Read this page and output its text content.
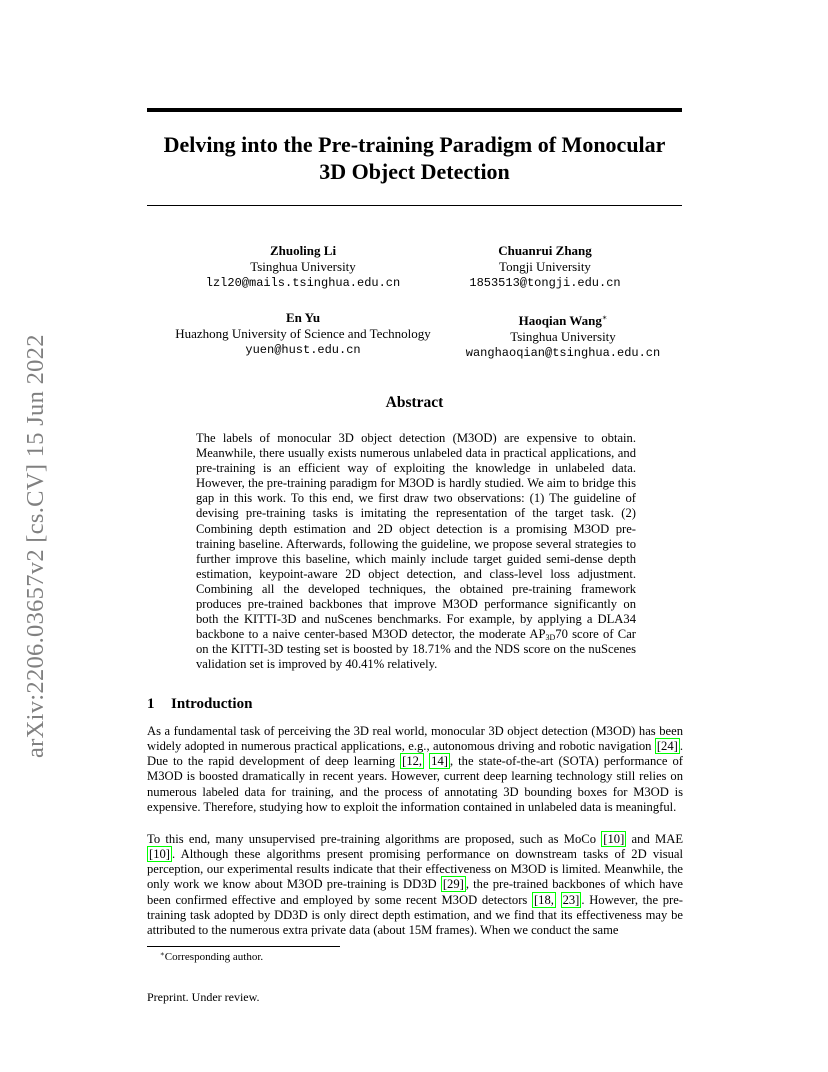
arXiv:2206.03657v2 [cs.CV] 15 Jun 2022
Delving into the Pre-training Paradigm of Monocular
3D Object Detection
Zhuoling Li
Tsinghua University
lzl20@mails.tsinghua.edu.cn
Chuanrui Zhang
Tongji University
1853513@tongji.edu.cn
En Yu
Huazhong University of Science and Technology
yuen@hust.edu.cn
Haoqian Wang∗
Tsinghua University
wanghaoqian@tsinghua.edu.cn
Abstract
The labels of monocular 3D object detection (M3OD) are expensive to obtain. Meanwhile, there usually exists numerous unlabeled data in practical applications, and pre-training is an efficient way of exploiting the knowledge in unlabeled data. However, the pre-training paradigm for M3OD is hardly studied. We aim to bridge this gap in this work. To this end, we first draw two observations: (1) The guideline of devising pre-training tasks is imitating the representation of the target task. (2) Combining depth estimation and 2D object detection is a promising M3OD pre-training baseline. Afterwards, following the guideline, we propose several strategies to further improve this baseline, which mainly include target guided semi-dense depth estimation, keypoint-aware 2D object detection, and class-level loss adjustment. Combining all the developed techniques, the obtained pre-training framework produces pre-trained backbones that improve M3OD performance significantly on both the KITTI-3D and nuScenes benchmarks. For example, by applying a DLA34 backbone to a naive center-based M3OD detector, the moderate $AP_{3D}70$ score of Car on the KITTI-3D testing set is boosted by 18.71% and the NDS score on the nuScenes validation set is improved by 40.41% relatively.
1 Introduction
As a fundamental task of perceiving the 3D real world, monocular 3D object detection (M3OD) has been widely adopted in numerous practical applications, e.g., autonomous driving and robotic navigation [24] . Due to the rapid development of deep learning [12, 14] , the state-of-the-art (SOTA) performance of M3OD is boosted dramatically in recent years. However, current deep learning technology still relies on numerous labeled data for training, and the process of annotating 3D bounding boxes for M3OD is expensive. Therefore, studying how to exploit the information contained in unlabeled data is meaningful.
To this end, many unsupervised pre-training algorithms are proposed, such as MoCo [10] and MAE [10] . Although these algorithms present promising performance on downstream tasks of 2D visual perception, our experimental results indicate that their effectiveness on M3OD is limited. Meanwhile, the only work we know about M3OD pre-training is DD3D [29] , the pre-trained backbones of which have been confirmed effective and employed by some recent M3OD detectors [18, 23] . However, the pre-training task adopted by DD3D is only direct depth estimation, and we find that its effectiveness may be attributed to the numerous extra private data (about 15M frames). When we conduct the same
∗Corresponding author.
Preprint. Under review.
